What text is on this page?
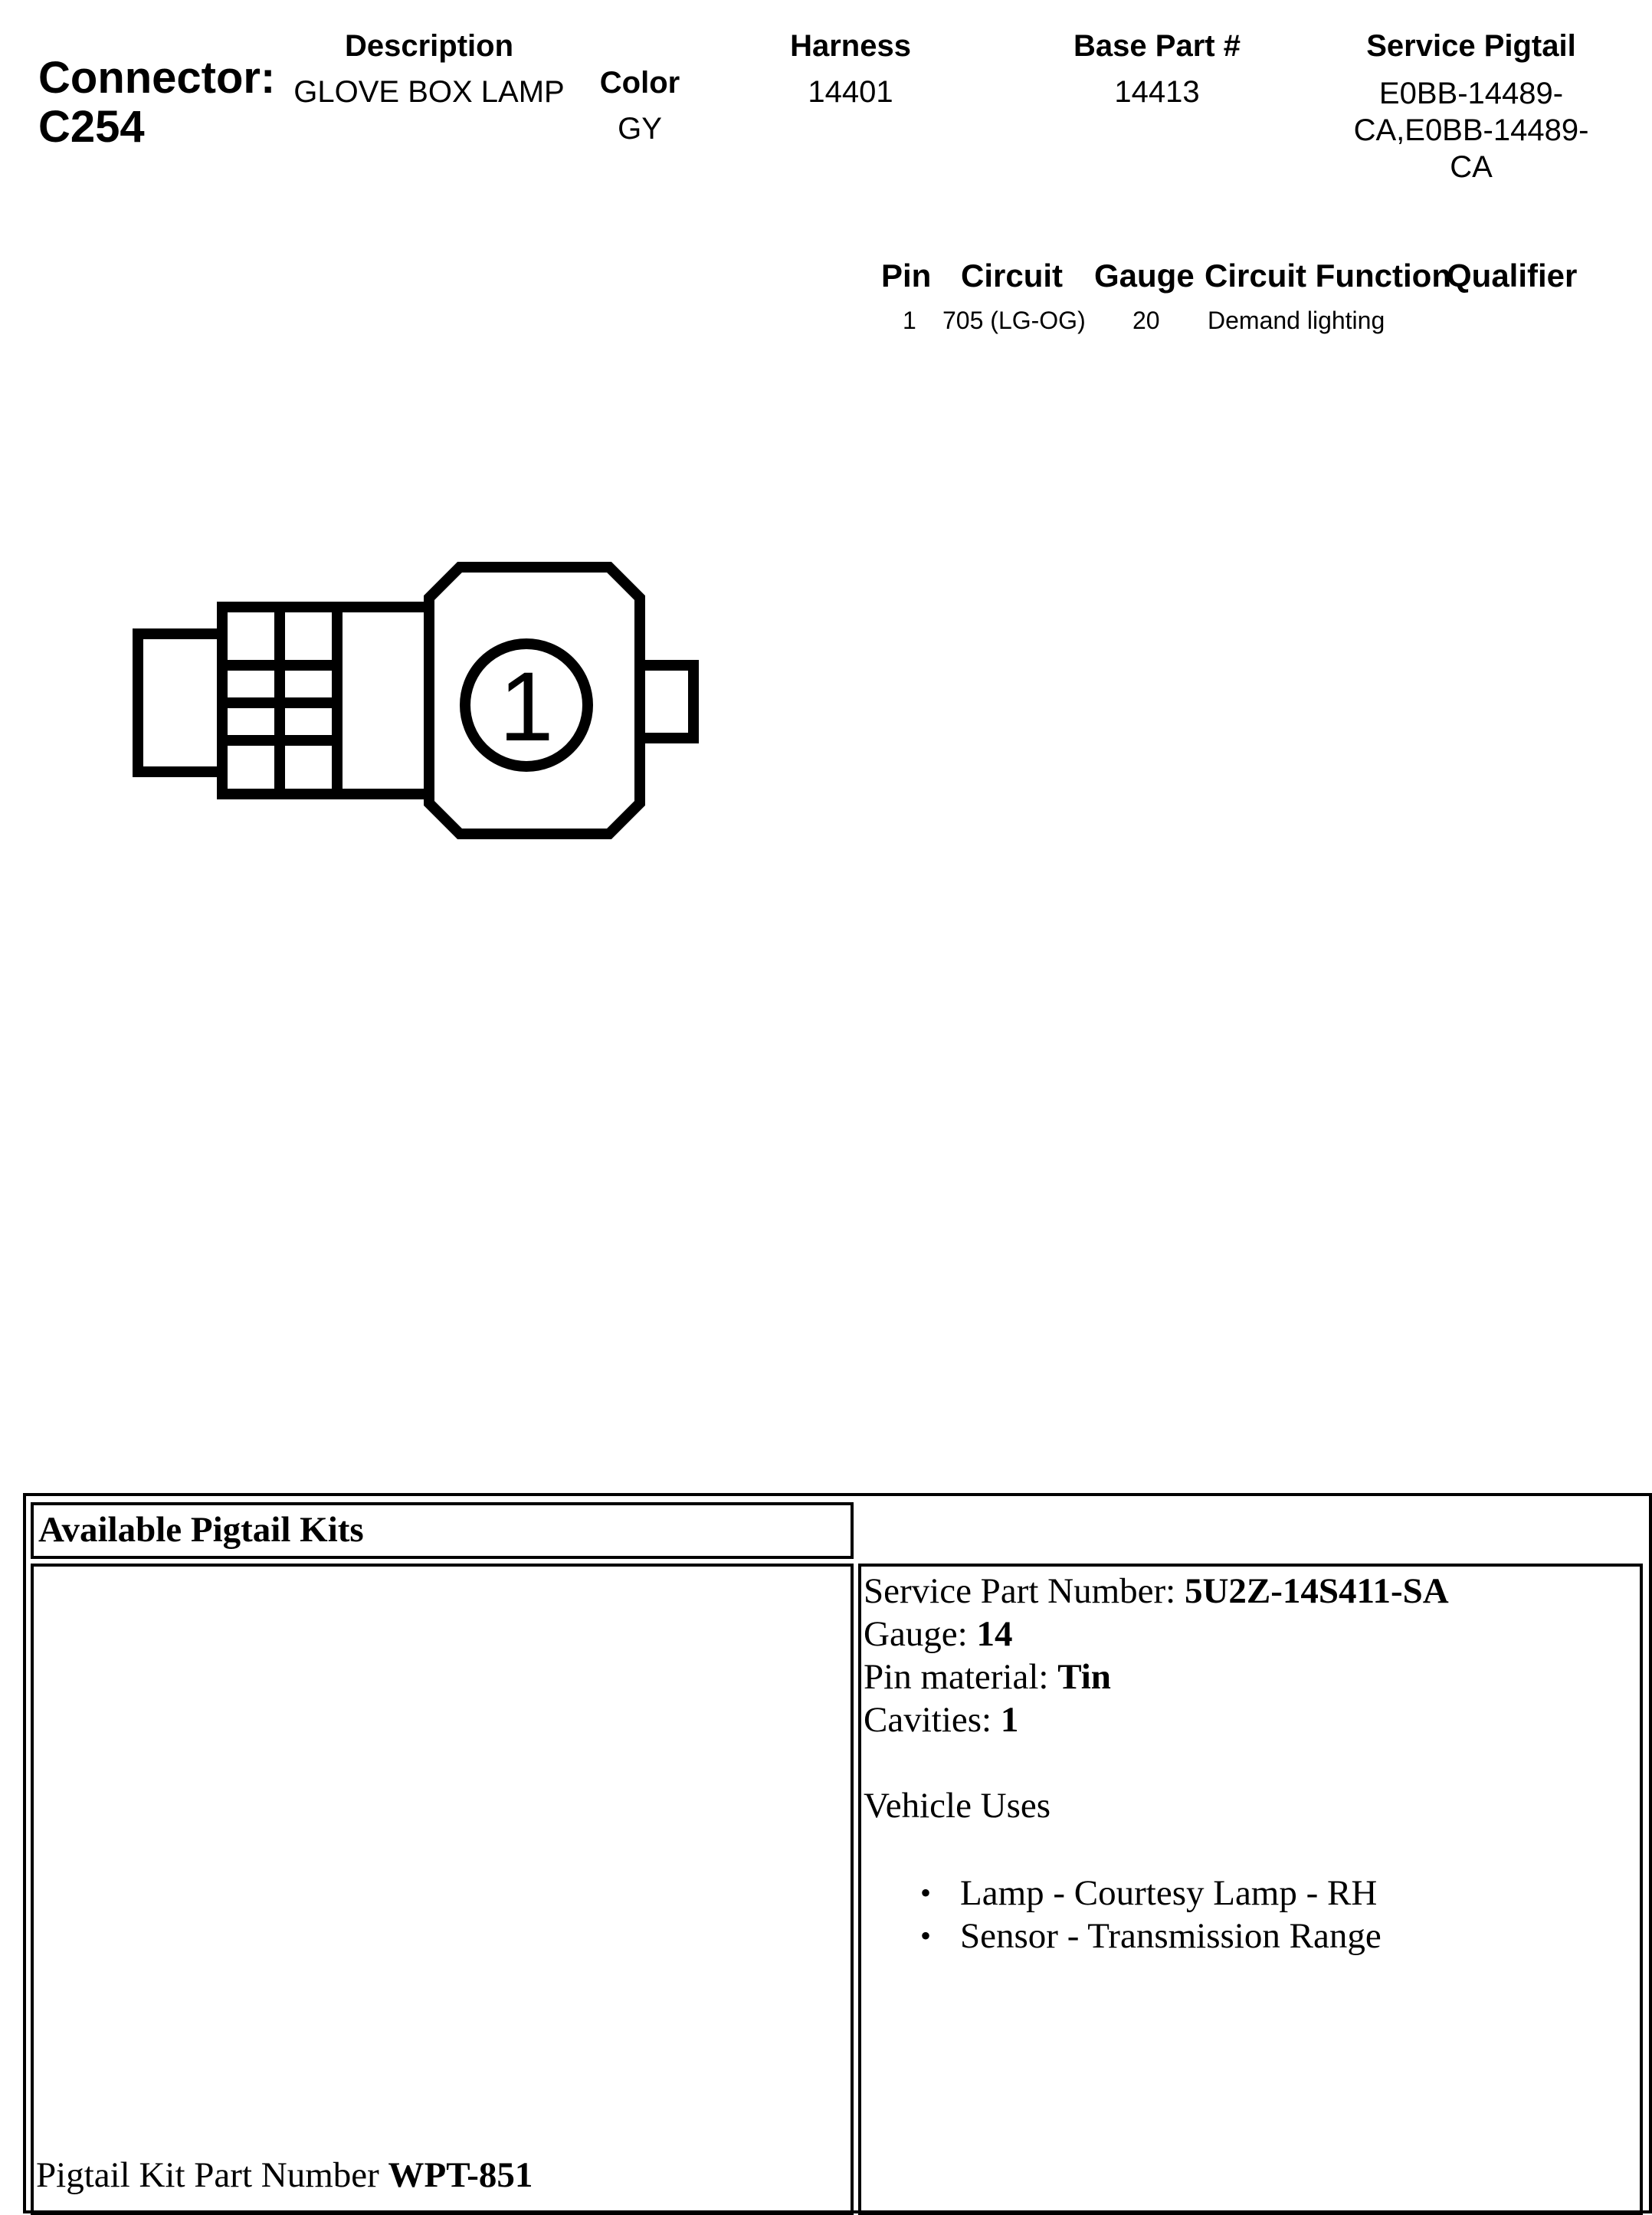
Connector:
C254
Description
GLOVE BOX LAMP	Color
GY
Harness
14401
Base Part #
14413
Service Pigtail
E0BB-14489-
CA,E0BB-14489-
CA
Pin Circuit Gauge Circuit Function
Qualifier
1 705 (LG-OG) 20 Demand lighting
1
Available Pigtail Kits
Service Part Number: 5U2Z-14S411-SA
Gauge: 14
Pin material: Tin
Cavities: 1
Vehicle Uses
• Lamp - Courtesy Lamp - RH
• Sensor - Transmission Range
Pigtail Kit Part Number WPT-851
